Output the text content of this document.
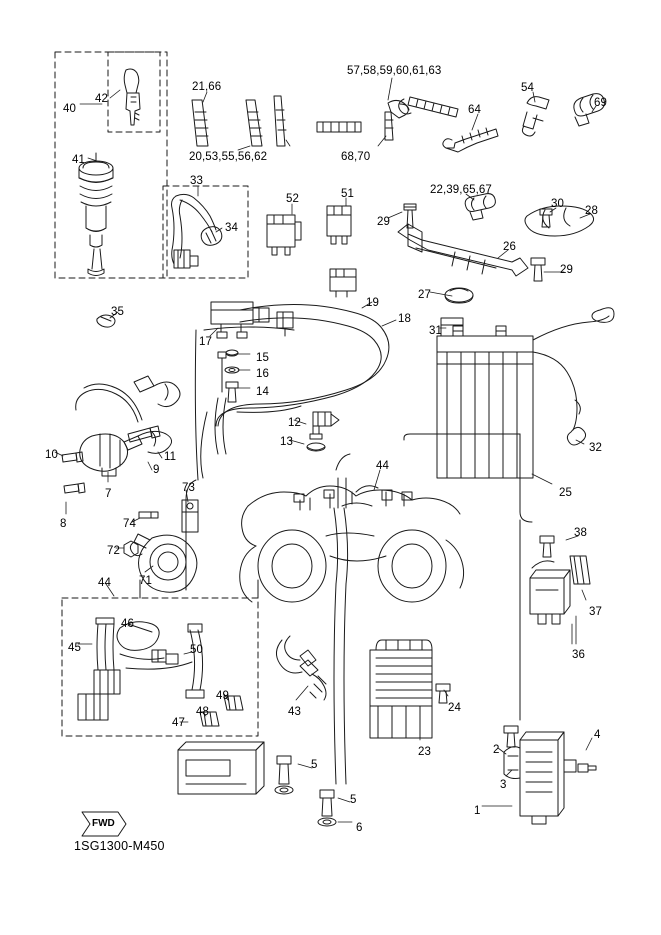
40
42
41
21,66
20,53,55,56,62
57,58,59,60,61,63
68,70
64
54
69
33
34
52	51
29
22,39,65,67
30
28
26
29
27
31
35
19
18
17
15
16
14
12
13	32
25
11
10
9
7
8
73
74
72
71
44
44
45
46
50
49
47
48	43
23
24
38
37
36
5
5
6
2
3
4
1
FWD
1SG1300-M450
